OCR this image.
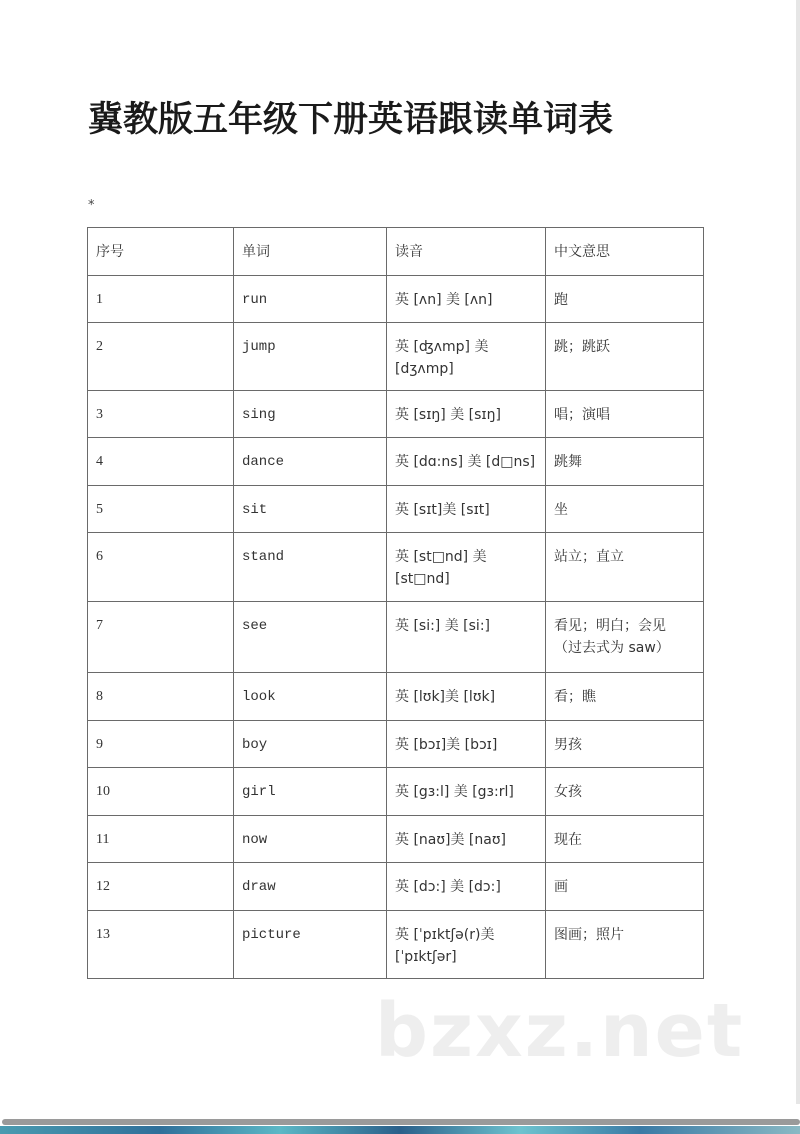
冀教版五年级下册英语跟读单词表
*
序号	单词	读音	中文意思
1	run	英 [ʌn] 美 [ʌn]	跑
2	jump	英 [ʤʌmp] 美 [dʒʌmp]	跳；跳跃
3	sing	英 [sɪŋ] 美 [sɪŋ]	唱；演唱
4	dance	英 [dɑ:ns] 美 [d□ns]	跳舞
5	sit	英 [sɪt]美 [sɪt]	坐
6	stand	英 [st□nd] 美 [st□nd]	站立；直立
7	see	英 [si:] 美 [si:]	看见；明白；会见 （过去式为 saw）
8	look	英 [lʊk]美 [lʊk]	看；瞧
9	boy	英 [bɔɪ]美 [bɔɪ]	男孩
10	girl	英 [gɜ:l] 美 [gɜ:rl]	女孩
11	now	英 [naʊ]美 [naʊ]	现在
12	draw	英 [dɔ:] 美 [dɔ:]	画
13	picture	英 [ˈpɪktʃə(r)美 [ˈpɪktʃər]	图画；照片
bzxz.net
